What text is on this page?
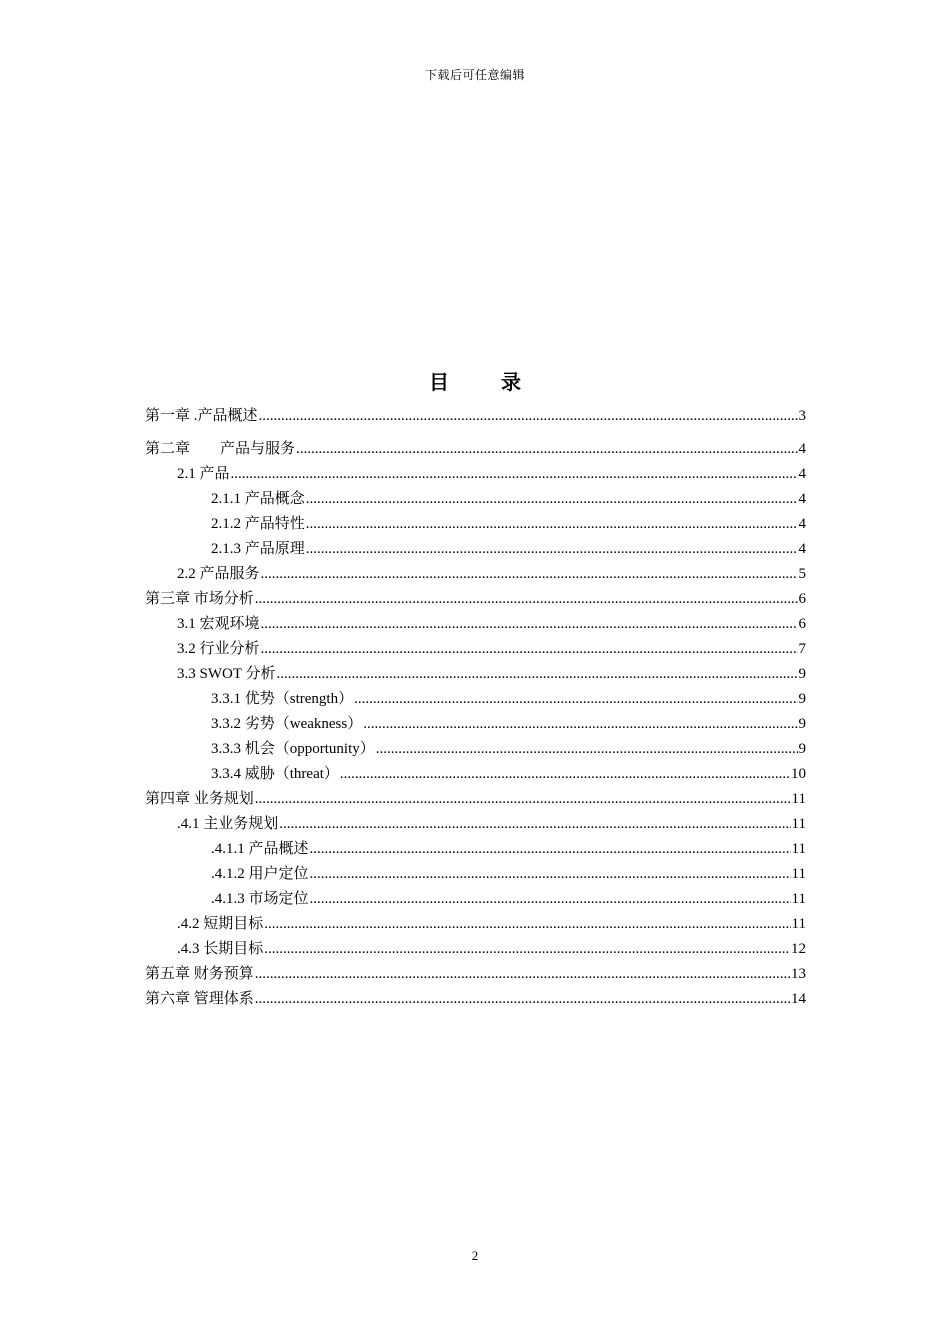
下载后可任意编辑
目	录
第一章 .产品概述 .....	3
第二章　　产品与服务 .....	4
2.1 产品 .....	4
2.1.1 产品概念 .....	4
2.1.2 产品特性 .....	4
2.1.3 产品原理 .....	4
2.2 产品服务 .....	5
第三章 市场分析 .....	6
3.1 宏观环境 .....	6
3.2 行业分析 .....	7
3.3 SWOT 分析 .....	9
3.3.1 优势（strength） .....	9
3.3.2 劣势（weakness） .....	9
3.3.3 机会（opportunity） .....	9
3.3.4 威胁（threat） .....	10
第四章 业务规划 .....	11
.4.1 主业务规划 .....	11
.4.1.1 产品概述 .....	11
.4.1.2 用户定位 .....	11
.4.1.3 市场定位 .....	11
.4.2 短期目标 .....	11
.4.3 长期目标 .....	12
第五章 财务预算 .....	13
第六章 管理体系 .....	14
2
